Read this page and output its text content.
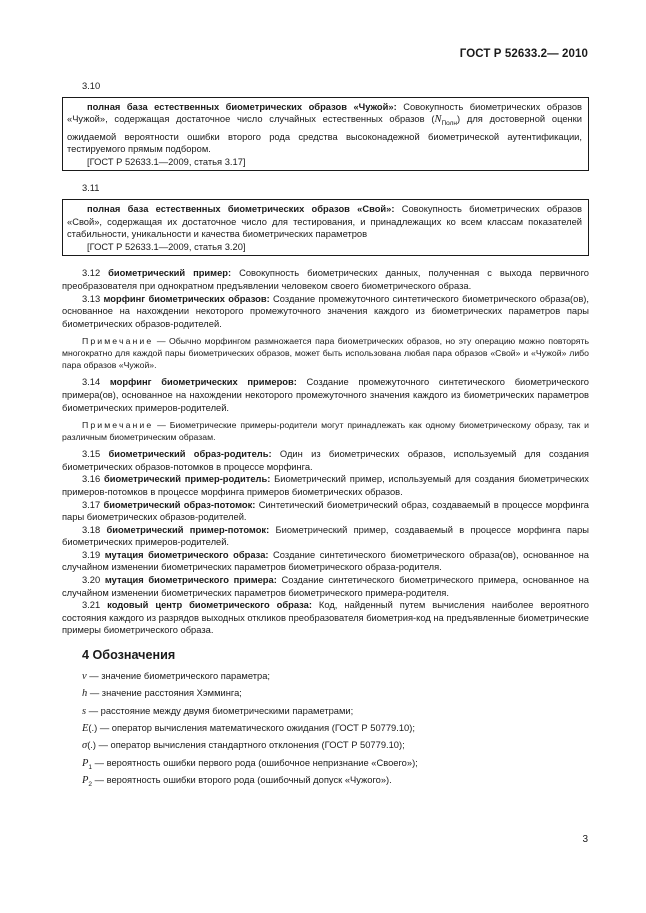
ГОСТ Р 52633.2— 2010

3.10

полная база естественных биометрических образов «Чужой»: Совокупность биометрических образов «Чужой», содержащая достаточное число случайных естественных образов $(N_{Полн})$ для достоверной оценки ожидаемой вероятности ошибки второго рода средства высоконадежной биометрической аутентификации, тестируемого прямым подбором.

[ГОСТ Р 52633.1—2009, статья 3.17]

3.11

полная база естественных биометрических образов «Свой»: Совокупность биометрических образов «Свой», содержащая их достаточное число для тестирования, и принадлежащих ко всем классам показателей стабильности, уникальности и качества биометрических параметров

[ГОСТ Р 52633.1—2009, статья 3.20]

3.12 биометрический пример: Совокупность биометрических данных, полученная с выхода первичного преобразователя при однократном предъявлении человеком своего биометрического образа.

3.13 морфинг биометрических образов: Создание промежуточного синтетического биометрического образа(ов), основанное на нахождении некоторого промежуточного значения каждого из биометрических параметров пары биометрических образов-родителей.

Примечание — Обычно морфингом размножается пара биометрических образов, но эту операцию можно повторять многократно для каждой пары биометрических образов, может быть использована любая пара образов «Свой» и «Чужой» либо пара образов «Чужой».

3.14 морфинг биометрических примеров: Создание промежуточного синтетического биометрического примера(ов), основанное на нахождении некоторого промежуточного значения каждого из биометрических параметров биометрических примеров-родителей.

Примечание — Биометрические примеры-родители могут принадлежать как одному биометрическому образу, так и различным биометрическим образам.

3.15 биометрический образ-родитель: Один из биометрических образов, используемый для создания биометрических образов-потомков в процессе морфинга.

3.16 биометрический пример-родитель: Биометрический пример, используемый для создания биометрических примеров-потомков в процессе морфинга примеров биометрических образов.

3.17 биометрический образ-потомок: Синтетический биометрический образ, создаваемый в процессе морфинга пары биометрических образов-родителей.

3.18 биометрический пример-потомок: Биометрический пример, создаваемый в процессе морфинга пары биометрических примеров-родителей.

3.19 мутация биометрического образа: Создание синтетического биометрического образа(ов), основанное на случайном изменении биометрических параметров биометрического образа-родителя.

3.20 мутация биометрического примера: Создание синтетического биометрического примера, основанное на случайном изменении биометрических параметров биометрического примера-родителя.

3.21 кодовый центр биометрического образа: Код, найденный путем вычисления наиболее вероятного состояния каждого из разрядов выходных откликов преобразователя биометрия-код на предъявленные биометрические примеры биометрического образа.

4 Обозначения

ν — значение биометрического параметра;

h — значение расстояния Хэмминга;

s — расстояние между двумя биометрическими параметрами;

E(.) — оператор вычисления математического ожидания (ГОСТ Р 50779.10);

σ(.) — оператор вычисления стандартного отклонения (ГОСТ Р 50779.10);

$P_1$ — вероятность ошибки первого рода (ошибочное непризнание «Своего»);

$P_2$ — вероятность ошибки второго рода (ошибочный допуск «Чужого»).

3
